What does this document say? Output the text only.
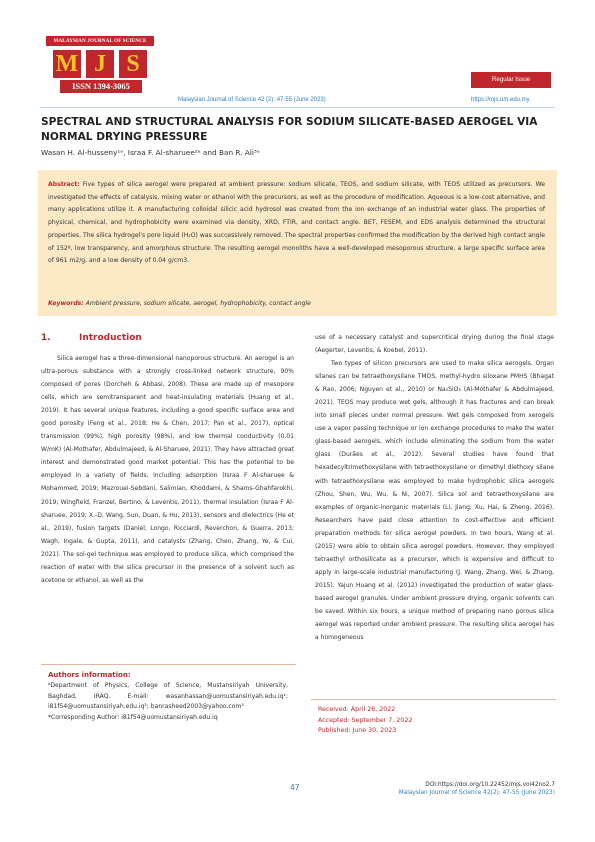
MALAYSIAN JOURNAL OF SCIENCE
M J S
ISSN 1394-3065
Regular Issue
Malaysian Journal of Science 42 (2): 47-55 (June 2023)	https://mjs.um.edu.my
SPECTRAL AND STRUCTURAL ANALYSIS FOR SODIUM SILICATE-BASED AEROGEL VIA NORMAL DRYING PRESSURE
Wasan H. Al-husseny¹ᵃ, Israa F. Al-sharuee²ᵃ and Ban R. Ali³ᵃ
Abstract: Five types of silica aerogel were prepared at ambient pressure: sodium silicate, TEOS, and sodium silicate, with TEOS utilized as precursors. We investigated the effects of catalysis, mixing water or ethanol with the precursors, as well as the procedure of modification. Aqueous is a low-cost alternative, and many applications utilize it. A manufacturing colloidal silicic acid hydrosol was created from the ion exchange of an industrial water glass. The properties of physical, chemical, and hydrophobicity were examined via density, XRD, FTIR, and contact angle. BET, FESEM, and EDS analysis determined the structural properties. The silica hydrogel's pore liquid (H₂O) was successively removed. The spectral properties confirmed the modification by the derived high contact angle of 152º, low transparency, and amorphous structure. The resulting aerogel monoliths have a well-developed mesoporous structure, a large specific surface area of 961 m2/g, and a low density of 0.04 g/cm3.
Keywords: Ambient pressure, sodium silicate, aerogel, hydrophobicity, contact angle
1.	Introduction

Silica aerogel has a three-dimensional nanoporous structure. An aerogel is an ultra-porous substance with a strongly cross-linked network structure, 90% composed of pores (Dorcheh & Abbasi, 2008). These are made up of mesopore cells, which are semitransparent and heat-insulating materials (Huang et al., 2019). It has several unique features, including a good specific surface area and good porosity (Feng et al., 2018; He & Chen, 2017; Pan et al., 2017), optical transmission (99%), high porosity (98%), and low thermal conductivity (0.01 W/mK) (Al-Mothafer, Abdulmajeed, & Al-Sharuee, 2021). They have attracted great interest and demonstrated good market potential. This has the potential to be employed in a variety of fields, including adsorption (Israa F Al-sharuee & Mohammed, 2019; Mazrouei-Sebdani, Salimian, Khoddami, & Shams-Ghahfarokhi, 2019; Wingfield, Franzel, Bertino, & Leventis, 2011), thermal insulation (Israa F Al-sharuee, 2019; X.-D. Wang, Sun, Duan, & Hu, 2013), sensors and dielectrics (He et al., 2019), fusion targets (Daniel, Longo, Ricciardi, Reverchon, & Guerra, 2013; Wagh, Ingale, & Gupta, 2011), and catalysts (Zhang, Chen, Zhang, Ye, & Cui, 2021). The sol-gel technique was employed to produce silica, which comprised the reaction of water with the silica precursor in the presence of a solvent such as acetone or ethanol, as well as the

use of a necessary catalyst and supercritical drying during the final stage (Aegerter, Leventis, & Koebel, 2011).

Two types of silicon precursors are used to make silica aerogels. Organ silanes can be tetraethoxysilane TMOS, methyl-hydro siloxane PMHS (Bhagat & Rao, 2006; Nguyen et al., 2010) or Na₂SiO₃ (Al-Mothafer & Abdulmajeed, 2021). TEOS may produce wet gels, although it has fractures and can break into small pieces under normal pressure. Wet gels composed from xerogels use a vapor passing technique or ion exchange procedures to make the water glass-based aerogels, which include eliminating the sodium from the water glass (Durães et al., 2012). Several studies have found that hexadecyltrimethoxysilane with tetraethoxysilane or dimethyl diethoxy silane with tetraethoxysilane was employed to make hydrophobic silica aerogels (Zhou, Shen, Wu, Wu, & Ni, 2007). Silica sol and tetraethoxysilane are examples of organic-inorganic materials (Li, Jiang, Xu, Hai, & Zheng, 2016). Researchers have paid close attention to cost-effective and efficient preparation methods for silica aerogel powders. In two hours, Wang et al. (2015) were able to obtain silica aerogel powders. However, they employed tetraethyl orthosilicate as a precursor, which is expensive and difficult to apply in large-scale industrial manufacturing (J. Wang, Zhang, Wei, & Zhang, 2015). Yajun Huang et al. (2012) investigated the production of water glass-based aerogel granules. Under ambient pressure drying, organic solvents can be saved. Within six hours, a unique method of preparing nano porous silica aerogel was reported under ambient pressure. The resulting silica aerogel has a homogeneous

Authors information:
ᵃDepartment of Physics, College of Science, Mustansiriyah University, Baghdad, IRAQ. E-mail: wasanhassan@uomustansiriyah.edu.iq¹; i81f54@uomustansiriyah.edu.iq²; banrasheed2003@yahoo.com³
*Corresponding Author: i81f54@uomustansiriyah.edu.iq
Received: April 26, 2022
Accepted: September 7, 2022
Published: June 30, 2023
47	DOI:https://doi.org/10.22452/mjs.vol42no2.7
Malaysian Journal of Science 42(2): 47-55 (June 2023)
